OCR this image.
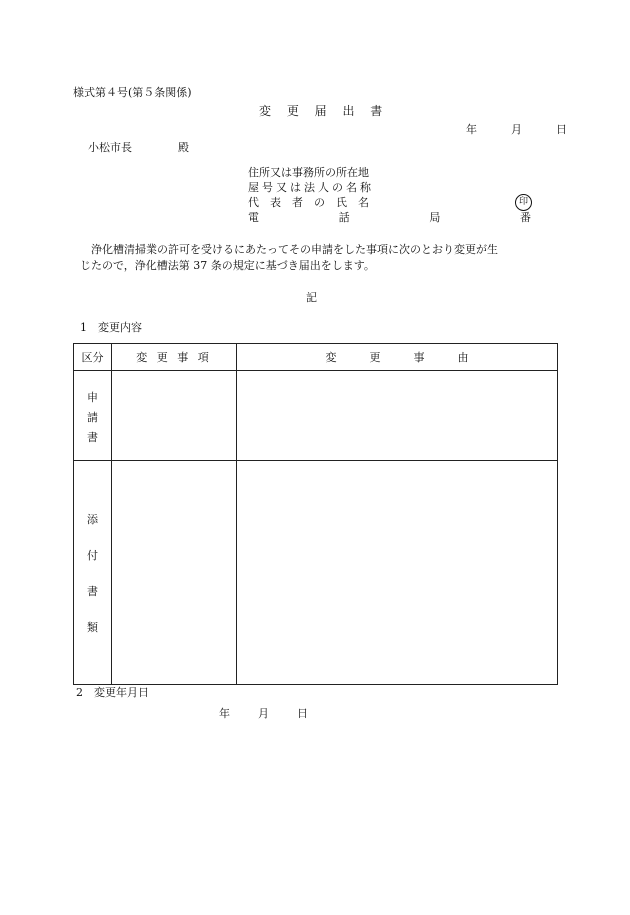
様式第４号(第５条関係)
変 更 届 出 書
年	月	日
小松市長	殿
住所又は事務所の所在地
屋号又は法人の名称
代表者の氏名	印
電	話	局	番
浄化槽清掃業の許可を受けるにあたってその申請をした事項に次のとおり変更が生
じたので，浄化槽法第 37 条の規定に基づき届出をします。
記
1　変更内容
区分	変 更 事 項	変　　　更　　　事　　　由

申
請
書		

添
付
書
類		

2　変更年月日
年	月	日
